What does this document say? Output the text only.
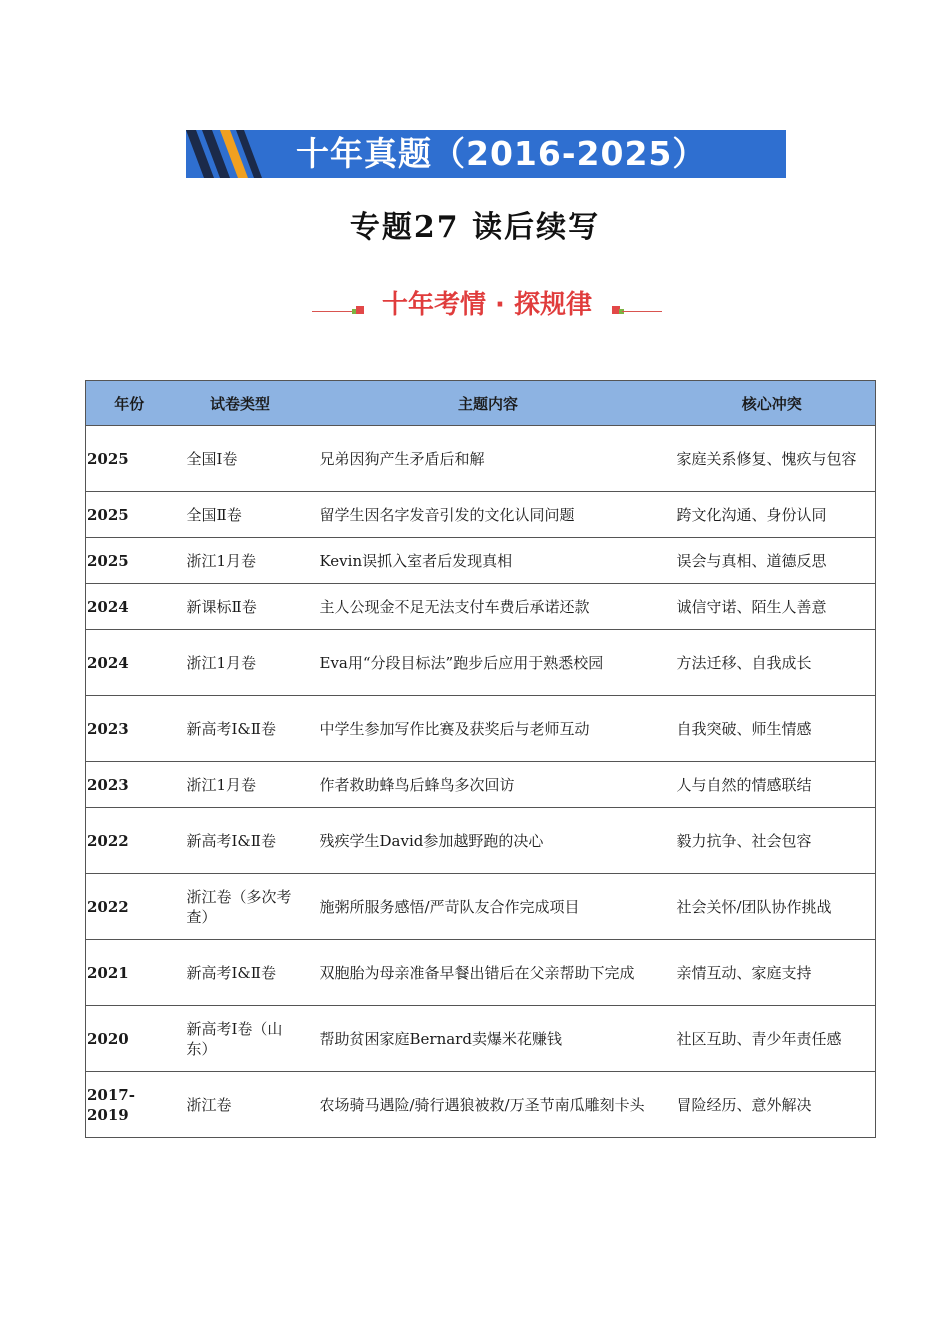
十年真题（2016-2025）
专题27 读后续写
十年考情 · 探规律
年份	试卷类型	主题内容	核心冲突
2025	全国Ⅰ卷	兄弟因狗产生矛盾后和解	家庭关系修复、愧疚与包容
2025	全国Ⅱ卷	留学生因名字发音引发的文化认同问题	跨文化沟通、身份认同
2025	浙江1月卷	Kevin误抓入室者后发现真相	误会与真相、道德反思
2024	新课标Ⅱ卷	主人公现金不足无法支付车费后承诺还款	诚信守诺、陌生人善意
2024	浙江1月卷	Eva用“分段目标法”跑步后应用于熟悉校园	方法迁移、自我成长
2023	新高考Ⅰ&Ⅱ卷	中学生参加写作比赛及获奖后与老师互动	自我突破、师生情感
2023	浙江1月卷	作者救助蜂鸟后蜂鸟多次回访	人与自然的情感联结
2022	新高考Ⅰ&Ⅱ卷	残疾学生David参加越野跑的决心	毅力抗争、社会包容
2022	浙江卷（多次考查）	施粥所服务感悟/严苛队友合作完成项目	社会关怀/团队协作挑战
2021	新高考Ⅰ&Ⅱ卷	双胞胎为母亲准备早餐出错后在父亲帮助下完成	亲情互动、家庭支持
2020	新高考Ⅰ卷（山东）	帮助贫困家庭Bernard卖爆米花赚钱	社区互助、青少年责任感
2017-2019	浙江卷	农场骑马遇险/骑行遇狼被救/万圣节南瓜雕刻卡头	冒险经历、意外解决
